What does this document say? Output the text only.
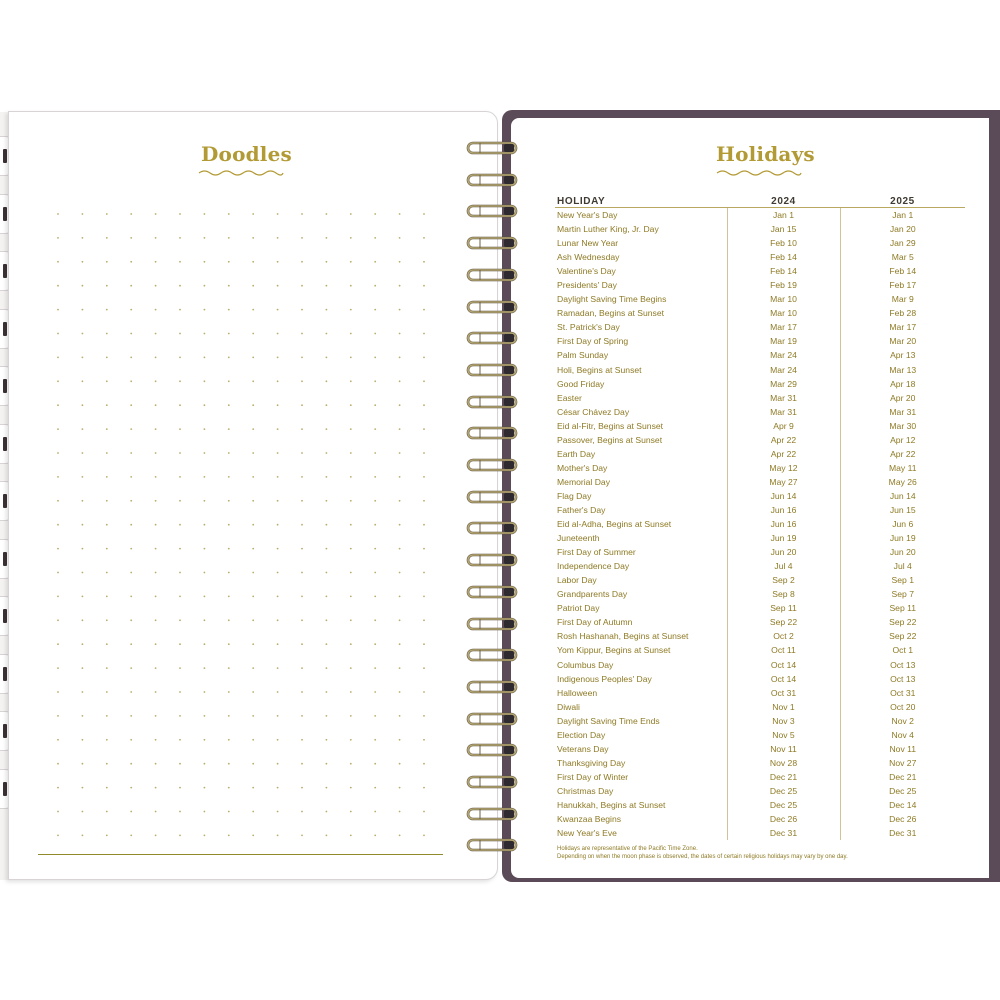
Doodles	Holidays
HOLIDAY	2024	2025
New Year's Day	Jan 1	Jan 1
Martin Luther King, Jr. Day	Jan 15	Jan 20
Lunar New Year	Feb 10	Jan 29
Ash Wednesday	Feb 14	Mar 5
Valentine's Day	Feb 14	Feb 14
Presidents' Day	Feb 19	Feb 17
Daylight Saving Time Begins	Mar 10	Mar 9
Ramadan, Begins at Sunset	Mar 10	Feb 28
St. Patrick's Day	Mar 17	Mar 17
First Day of Spring	Mar 19	Mar 20
Palm Sunday	Mar 24	Apr 13
Holi, Begins at Sunset	Mar 24	Mar 13
Good Friday	Mar 29	Apr 18
Easter	Mar 31	Apr 20
César Chávez Day	Mar 31	Mar 31
Eid al-Fitr, Begins at Sunset	Apr 9	Mar 30
Passover, Begins at Sunset	Apr 22	Apr 12
Earth Day	Apr 22	Apr 22
Mother's Day	May 12	May 11
Memorial Day	May 27	May 26
Flag Day	Jun 14	Jun 14
Father's Day	Jun 16	Jun 15
Eid al-Adha, Begins at Sunset	Jun 16	Jun 6
Juneteenth	Jun 19	Jun 19
First Day of Summer	Jun 20	Jun 20
Independence Day	Jul 4	Jul 4
Labor Day	Sep 2	Sep 1
Grandparents Day	Sep 8	Sep 7
Patriot Day	Sep 11	Sep 11
First Day of Autumn	Sep 22	Sep 22
Rosh Hashanah, Begins at Sunset	Oct 2	Sep 22
Yom Kippur, Begins at Sunset	Oct 11	Oct 1
Columbus Day	Oct 14	Oct 13
Indigenous Peoples' Day	Oct 14	Oct 13
Halloween	Oct 31	Oct 31
Diwali	Nov 1	Oct 20
Daylight Saving Time Ends	Nov 3	Nov 2
Election Day	Nov 5	Nov 4
Veterans Day	Nov 11	Nov 11
Thanksgiving Day	Nov 28	Nov 27
First Day of Winter	Dec 21	Dec 21
Christmas Day	Dec 25	Dec 25
Hanukkah, Begins at Sunset	Dec 25	Dec 14
Kwanzaa Begins	Dec 26	Dec 26
New Year's Eve	Dec 31	Dec 31
Holidays are representative of the Pacific Time Zone.
Depending on when the moon phase is observed, the dates of certain religious holidays may vary by one day.
